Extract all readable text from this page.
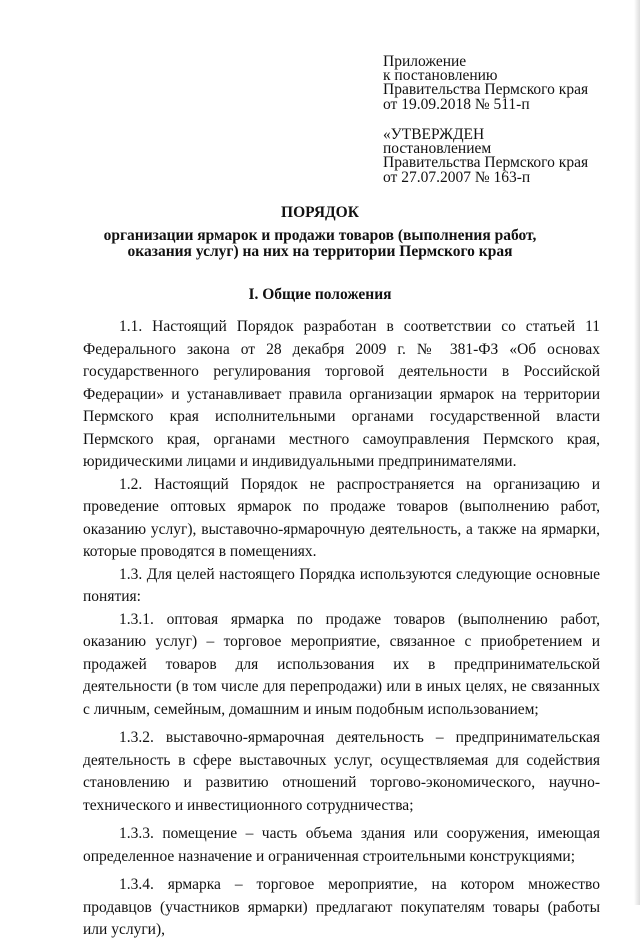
Приложение
к постановлению
Правительства Пермского края
от 19.09.2018 № 511-п
«УТВЕРЖДЕН
постановлением
Правительства Пермского края
от 27.07.2007 № 163-п
ПОРЯДОК
организации ярмарок и продажи товаров (выполнения работ,
оказания услуг) на них на территории Пермского края
I. Общие положения

1.1. Настоящий Порядок разработан в соответствии со статьей 11 Федерального закона от 28 декабря 2009 г. № 381-ФЗ «Об основах государственного регулирования торговой деятельности в Российской Федерации» и устанавливает правила организации ярмарок на территории Пермского края исполнительными органами государственной власти Пермского края, органами местного самоуправления Пермского края, юридическими лицами и индивидуальными предпринимателями.

1.2. Настоящий Порядок не распространяется на организацию и проведение оптовых ярмарок по продаже товаров (выполнению работ, оказанию услуг), выставочно-ярмарочную деятельность, а также на ярмарки, которые проводятся в помещениях.

1.3. Для целей настоящего Порядка используются следующие основные понятия:

1.3.1. оптовая ярмарка по продаже товаров (выполнению работ, оказанию услуг) – торговое мероприятие, связанное с приобретением и продажей товаров для использования их в предпринимательской деятельности (в том числе для перепродажи) или в иных целях, не связанных с личным, семейным, домашним и иным подобным использованием;

1.3.2. выставочно-ярмарочная деятельность – предпринимательская деятельность в сфере выставочных услуг, осуществляемая для содействия становлению и развитию отношений торгово-экономического, научно-технического и инвестиционного сотрудничества;

1.3.3. помещение – часть объема здания или сооружения, имеющая определенное назначение и ограниченная строительными конструкциями;

1.3.4. ярмарка – торговое мероприятие, на котором множество продавцов (участников ярмарки) предлагают покупателям товары (работы или услуги),
